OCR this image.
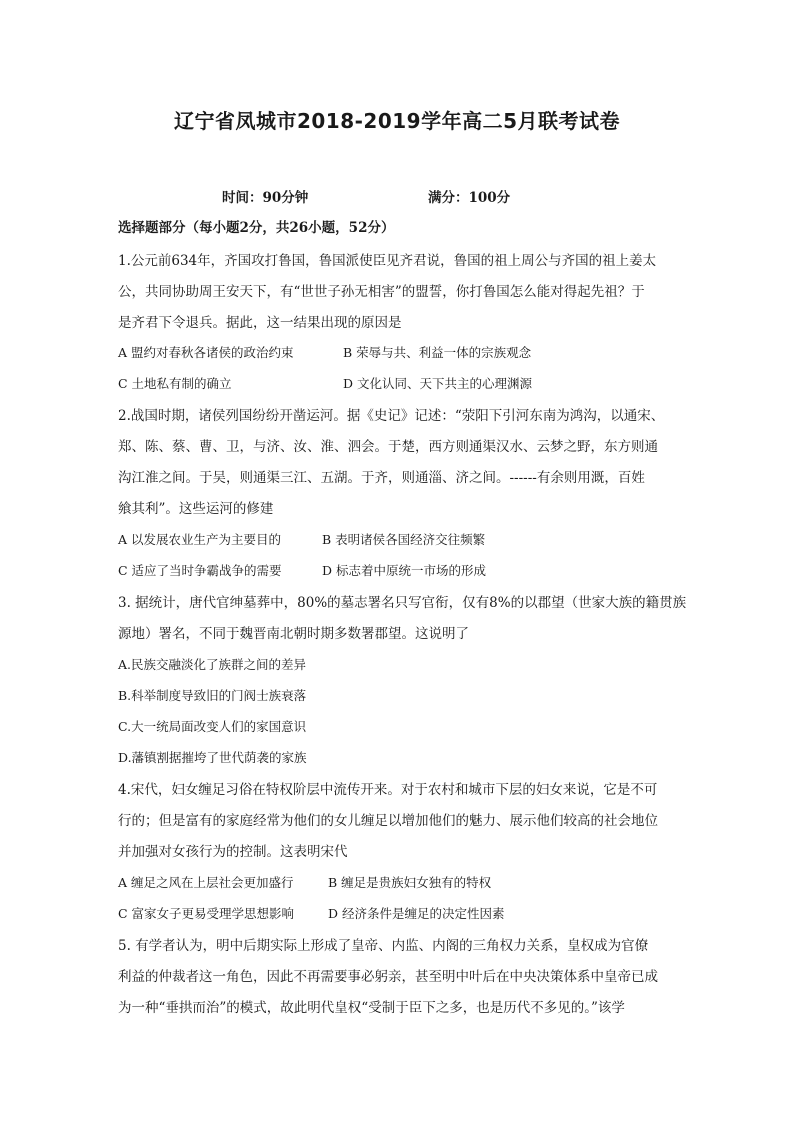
辽宁省凤城市2018-2019学年高二5月联考试卷
时间：90分钟	满分：100分
选择题部分（每小题2分，共26小题，52分）
1.公元前634年，齐国攻打鲁国，鲁国派使臣见齐君说，鲁国的祖上周公与齐国的祖上姜太
公，共同协助周王安天下，有“世世子孙无相害”的盟誓，你打鲁国怎么能对得起先祖？于
是齐君下令退兵。据此，这一结果出现的原因是
A 盟约对春秋各诸侯的政治约束	B 荣辱与共、利益一体的宗族观念
C 土地私有制的确立	D 文化认同、天下共主的心理渊源
2.战国时期，诸侯列国纷纷开凿运河。据《史记》记述：“荥阳下引河东南为鸿沟，以通宋、
郑、陈、蔡、曹、卫，与济、汝、淮、泗会。于楚，西方则通渠汉水、云梦之野，东方则通
沟江淮之间。于吴，则通渠三江、五湖。于齐，则通淄、济之间。------有余则用溉，百姓
飨其利”。这些运河的修建
A 以发展农业生产为主要目的	B 表明诸侯各国经济交往频繁
C 适应了当时争霸战争的需要	D 标志着中原统一市场的形成
3. 据统计，唐代官绅墓葬中，80%的墓志署名只写官衔，仅有8%的以郡望（世家大族的籍贯族
源地）署名，不同于魏晋南北朝时期多数署郡望。这说明了
A.民族交融淡化了族群之间的差异
B.科举制度导致旧的门阀士族衰落
C.大一统局面改变人们的家国意识
D.藩镇割据摧垮了世代荫袭的家族
4.宋代，妇女缠足习俗在特权阶层中流传开来。对于农村和城市下层的妇女来说，它是不可
行的；但是富有的家庭经常为他们的女儿缠足以增加他们的魅力、展示他们较高的社会地位
并加强对女孩行为的控制。这表明宋代
A 缠足之风在上层社会更加盛行	B 缠足是贵族妇女独有的特权
C 富家女子更易受理学思想影响	D 经济条件是缠足的决定性因素
5. 有学者认为，明中后期实际上形成了皇帝、内监、内阁的三角权力关系，皇权成为官僚
利益的仲裁者这一角色，因此不再需要事必躬亲，甚至明中叶后在中央决策体系中皇帝已成
为一种“垂拱而治”的模式，故此明代皇权“受制于臣下之多，也是历代不多见的。”该学
